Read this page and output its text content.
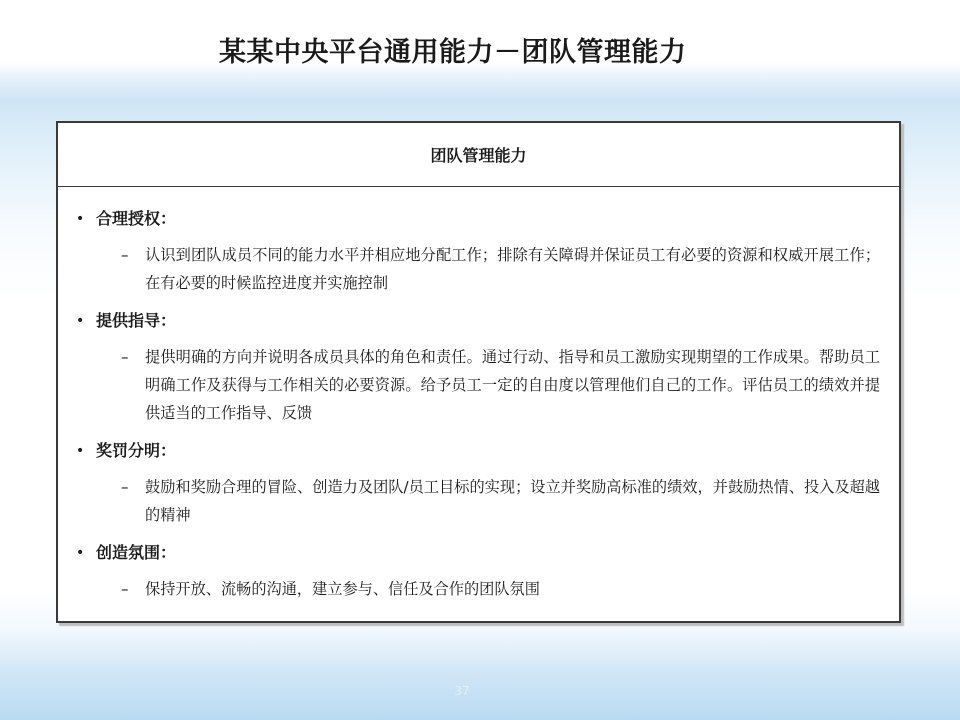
某某中央平台通用能力－团队管理能力
团队管理能力
• 合理授权：
–	认识到团队成员不同的能力水平并相应地分配工作；排除有关障碍并保证员工有必要的资源和权威开展工作；在有必要的时候监控进度并实施控制
• 提供指导：
–	提供明确的方向并说明各成员具体的角色和责任。通过行动、指导和员工激励实现期望的工作成果。帮助员工明确工作及获得与工作相关的必要资源。给予员工一定的自由度以管理他们自己的工作。评估员工的绩效并提供适当的工作指导、反馈
• 奖罚分明：
–	鼓励和奖励合理的冒险、创造力及团队/员工目标的实现；设立并奖励高标准的绩效，并鼓励热情、投入及超越的精神
• 创造氛围：
–	保持开放、流畅的沟通，建立参与、信任及合作的团队氛围
37
